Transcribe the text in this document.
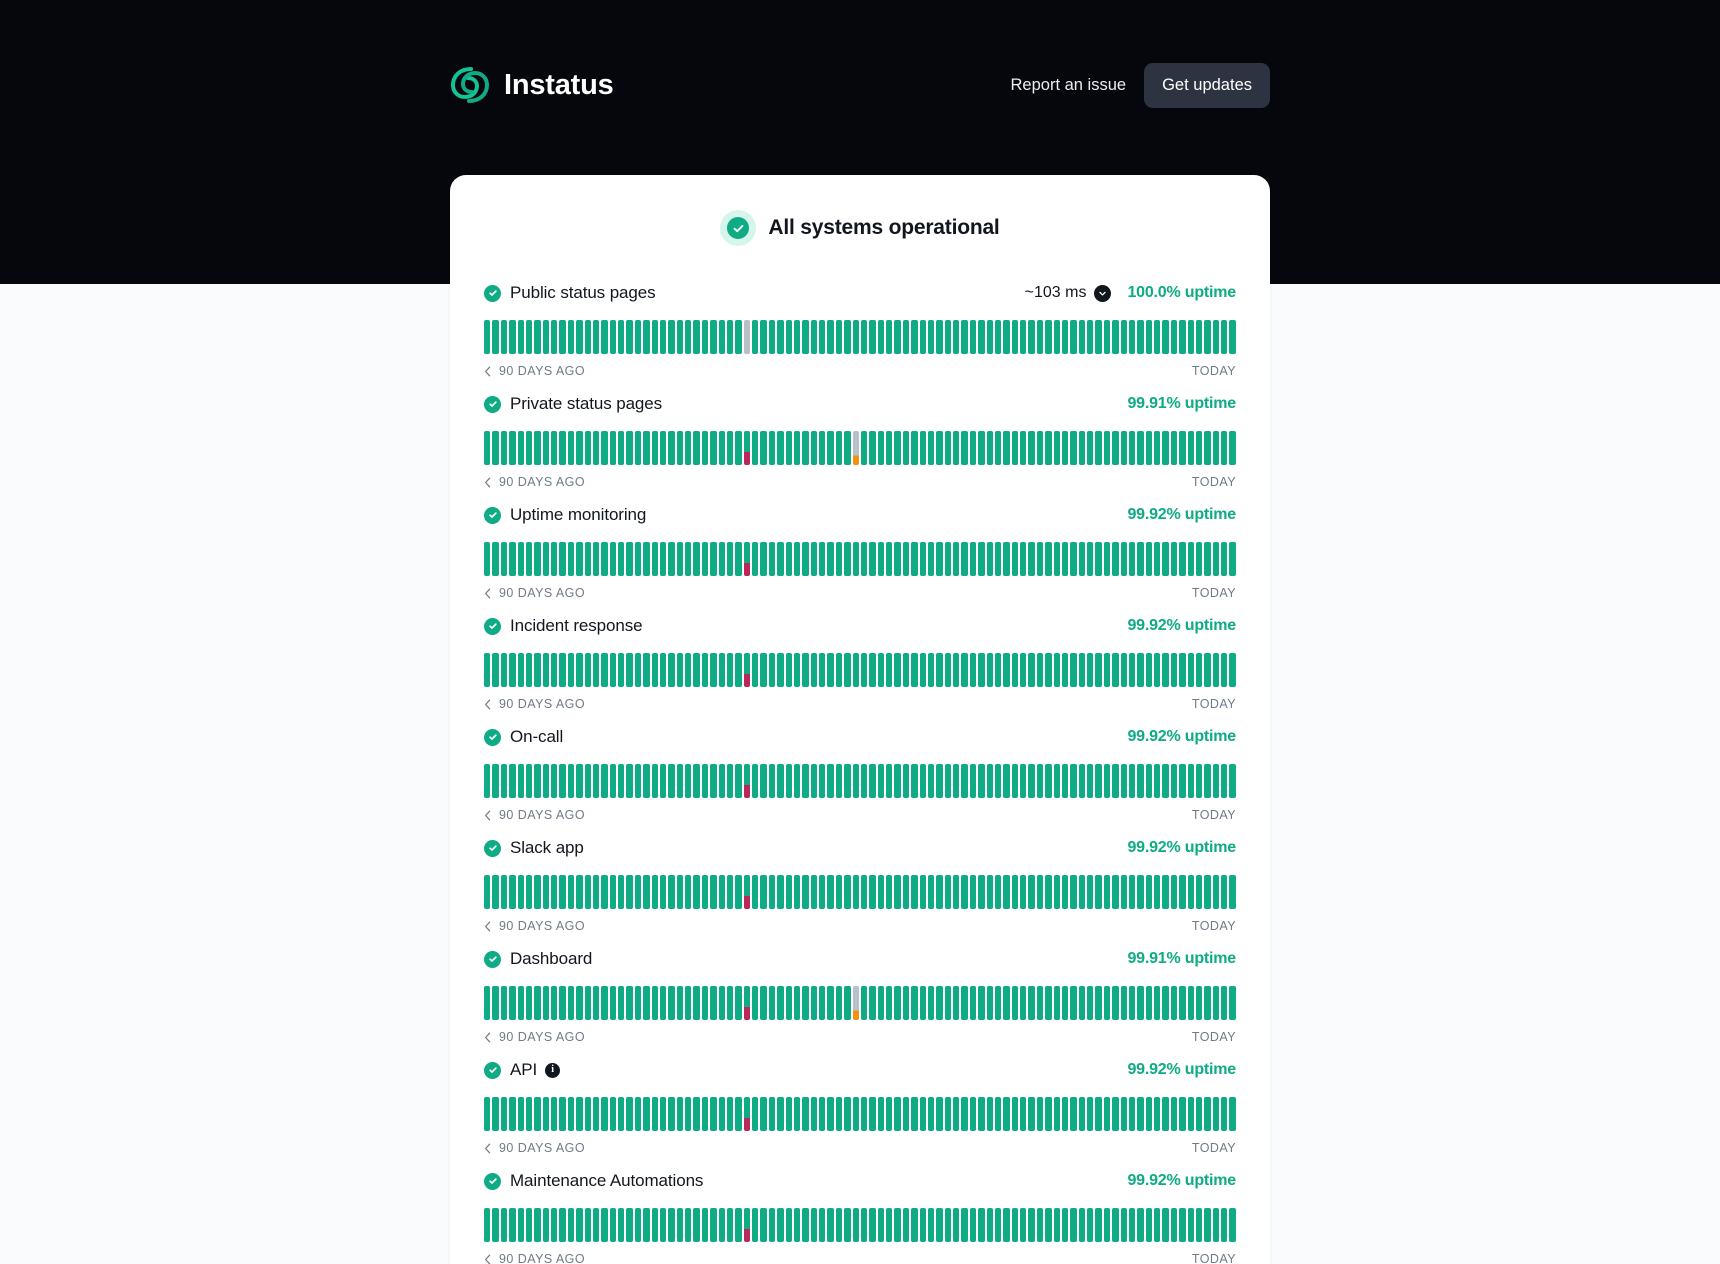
Instatus	Report an issue	Get updates
All systems operational
Public status pages	~103 ms	100.0% uptime
90 DAYS AGO	TODAY
Private status pages	99.91% uptime
90 DAYS AGO	TODAY
Uptime monitoring	99.92% uptime
90 DAYS AGO	TODAY
Incident response	99.92% uptime
90 DAYS AGO	TODAY
On-call	99.92% uptime
90 DAYS AGO	TODAY
Slack app	99.92% uptime
90 DAYS AGO	TODAY
Dashboard	99.91% uptime
90 DAYS AGO	TODAY
API	i	99.92% uptime
90 DAYS AGO	TODAY
Maintenance Automations	99.92% uptime
90 DAYS AGO	TODAY
